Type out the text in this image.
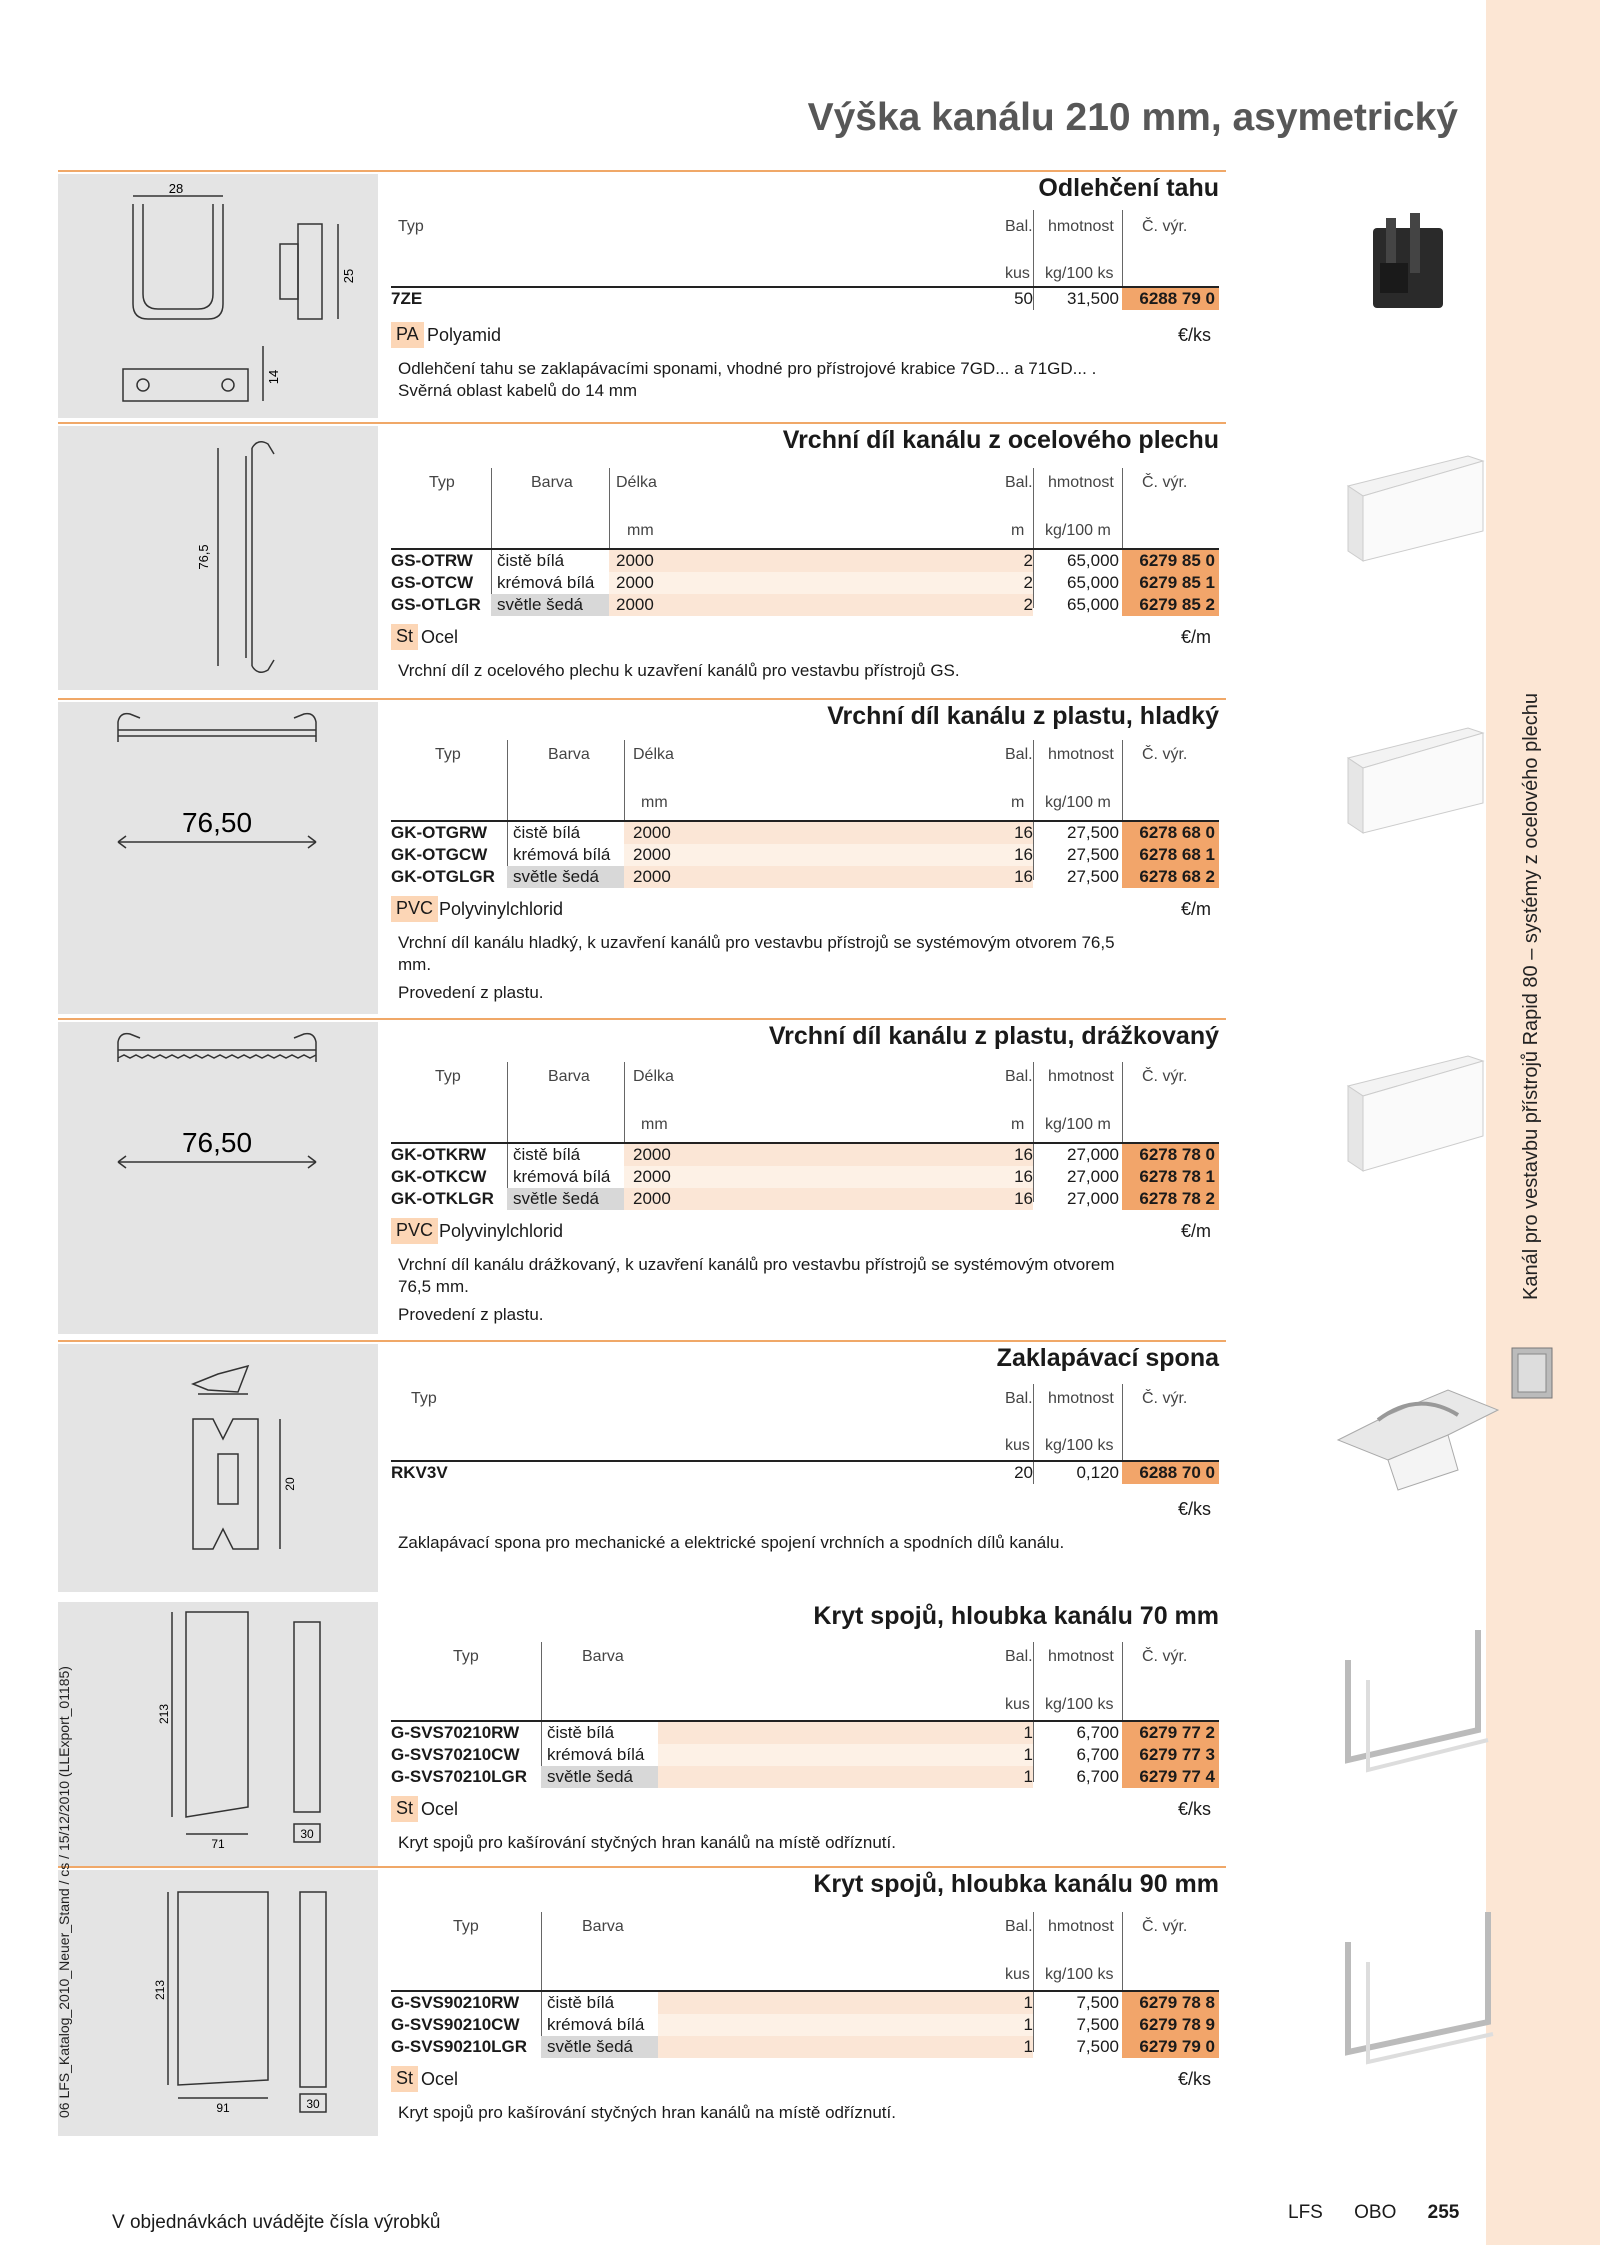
Kanál pro vestavbu přístrojů Rapid 80 – systémy z ocelového plechu
Výška kanálu 210 mm, asymetrický
28
25
14
Odlehčení tahu
Typ	Bal. hmotnost Č. výr.
kus kg/100 ks
7ZE	50	31,500	6288 79 0
PA Polyamid	€/ks
Odlehčení tahu se zaklapávacími sponami, vhodné pro přístrojové krabice 7GD... a 71GD... .
Svěrná oblast kabelů do 14 mm
76,5
Vrchní díl kanálu z ocelového plechu
Typ	Barva	Délka	Bal. hmotnost Č. výr.
mm	m kg/100 m
GS-OTRW čistě bílá	2000	2	65,000	6279 85 0
GS-OTCW krémová bílá 2000	2	65,000	6279 85 1
GS-OTLGR světle šedá 2000	2	65,000	6279 85 2
St Ocel	€/m
Vrchní díl z ocelového plechu k uzavření kanálů pro vestavbu přístrojů GS.
76,50
Vrchní díl kanálu z plastu, hladký
Typ	Barva	Délka	Bal. hmotnost Č. výr.
mm	m kg/100 m
GK-OTGRW čistě bílá	2000	16	27,500	6278 68 0
GK-OTGCW krémová bílá 2000	16	27,500	6278 68 1
GK-OTGLGR světle šedá 2000	16	27,500	6278 68 2
PVC Polyvinylchlorid	€/m
Vrchní díl kanálu hladký, k uzavření kanálů pro vestavbu přístrojů se systémovým otvorem 76,5
mm.
Provedení z plastu.
76,50
Vrchní díl kanálu z plastu, drážkovaný
Typ	Barva	Délka	Bal. hmotnost Č. výr.
mm	m kg/100 m
GK-OTKRW čistě bílá	2000	16	27,000	6278 78 0
GK-OTKCW krémová bílá 2000	16	27,000	6278 78 1
GK-OTKLGR světle šedá 2000	16	27,000	6278 78 2
PVC Polyvinylchlorid	€/m
Vrchní díl kanálu drážkovaný, k uzavření kanálů pro vestavbu přístrojů se systémovým otvorem
76,5 mm.
Provedení z plastu.
20
Zaklapávací spona
Typ	Bal. hmotnost Č. výr.
kus kg/100 ks
RKV3V	20	0,120	6288 70 0
€/ks
Zaklapávací spona pro mechanické a elektrické spojení vrchních a spodních dílů kanálu.
213
71
30
Kryt spojů, hloubka kanálu 70 mm
Typ	Barva	Bal. hmotnost Č. výr.
kus kg/100 ks
G-SVS70210RW čistě bílá	1	6,700	6279 77 2
G-SVS70210CW krémová bílá	1	6,700	6279 77 3
G-SVS70210LGR světle šedá	1	6,700	6279 77 4
St Ocel	€/ks
Kryt spojů pro kašírování styčných hran kanálů na místě odříznutí.
213
91	30
Kryt spojů, hloubka kanálu 90 mm
Typ	Barva	Bal. hmotnost Č. výr.
kus kg/100 ks
G-SVS90210RW čistě bílá	1	7,500	6279 78 8
G-SVS90210CW krémová bílá	1	7,500	6279 78 9
G-SVS90210LGR světle šedá	1	7,500	6279 79 0
St Ocel	€/ks
Kryt spojů pro kašírování styčných hran kanálů na místě odříznutí.
06 LFS_Katalog_2010_Neuer_Stand / cs / 15/12/2010 (LLExport_01185)
V objednávkách uvádějte čísla výrobků	LFS OBO 255
